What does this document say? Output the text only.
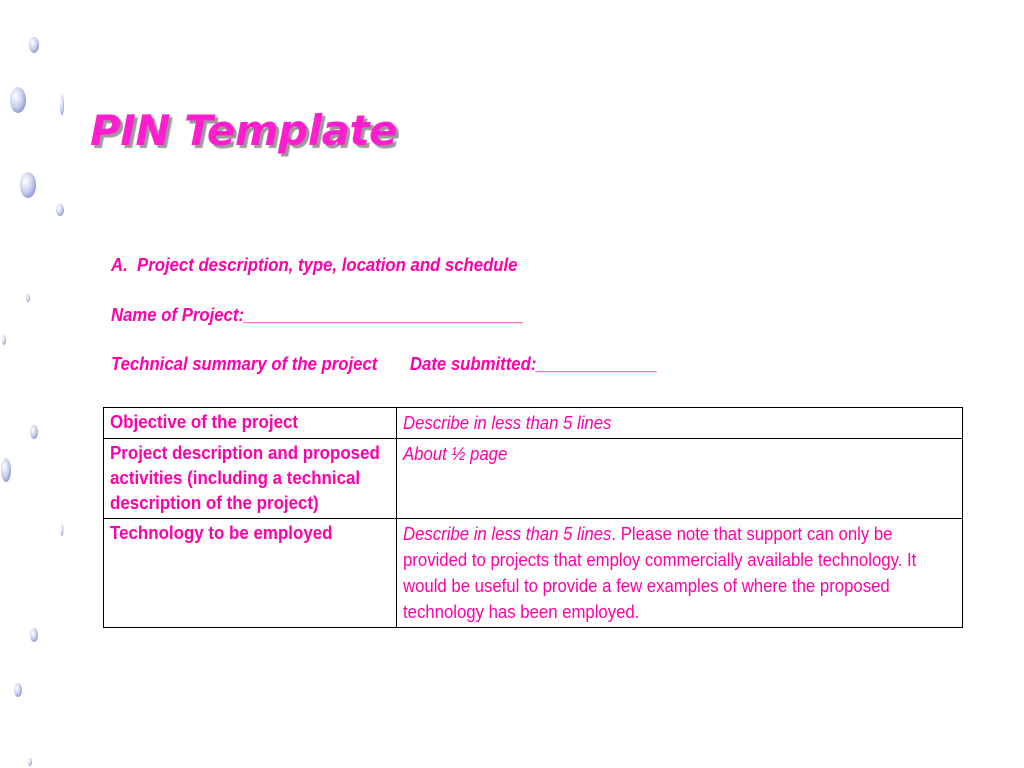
PIN Template
A.  Project description, type, location and schedule
Name of Project:______________________________
Technical summary of the project       Date submitted:_____________
Objective of the project	Describe in less than 5 lines
Project description and proposed activities (including a technical description of the project)	About ½ page
Technology to be employed	Describe in less than 5 lines. Please note that support can only be provided to projects that employ commercially available technology. It would be useful to provide a few examples of where the proposed technology has been employed.
